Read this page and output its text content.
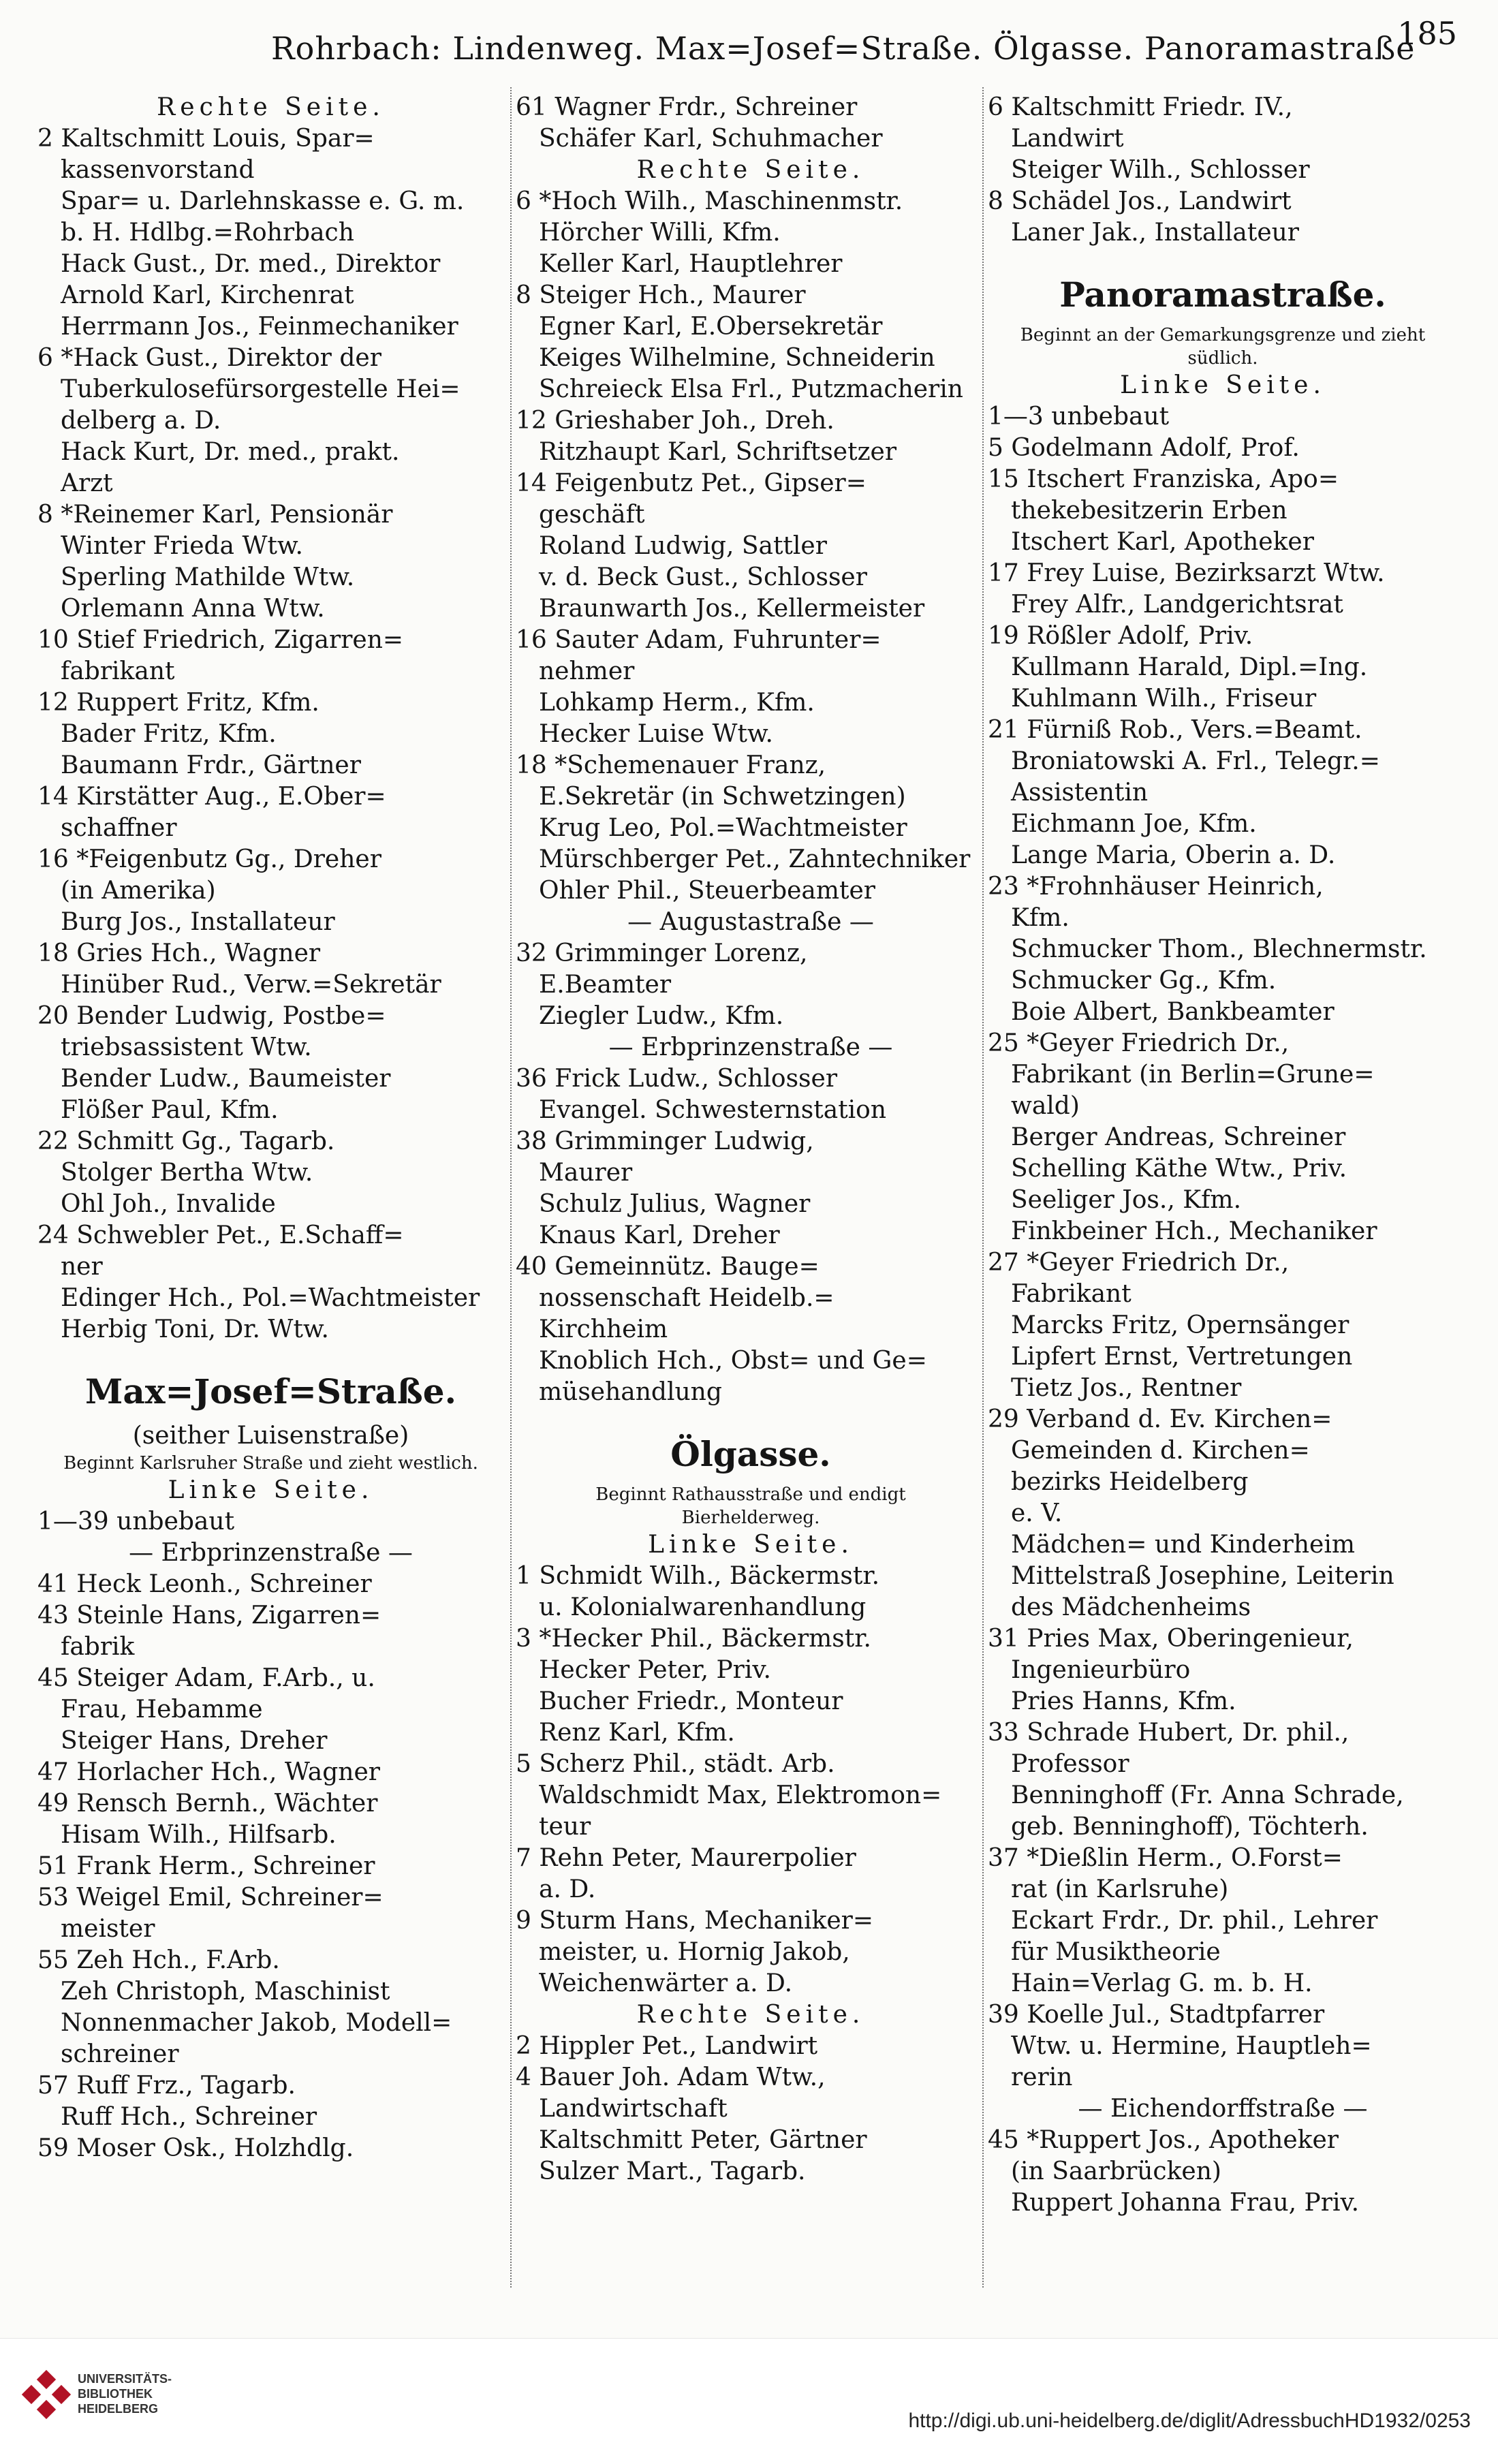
Rohrbach: Lindenweg. Max=Josef=Straße. Ölgasse. Panoramastraße
185
Rechte Seite.
2 Kaltschmitt Louis, Spar=
kassenvorstand
Spar= u. Darlehnskasse e. G. m.
b. H. Hdlbg.=Rohrbach
Hack Gust., Dr. med., Direktor
Arnold Karl, Kirchenrat
Herrmann Jos., Feinmechaniker
6 *Hack Gust., Direktor der
Tuberkulosefürsorgestelle Hei=
delberg a. D.
Hack Kurt, Dr. med., prakt.
Arzt
8 *Reinemer Karl, Pensionär
Winter Frieda Wtw.
Sperling Mathilde Wtw.
Orlemann Anna Wtw.
10 Stief Friedrich, Zigarren=
fabrikant
12 Ruppert Fritz, Kfm.
Bader Fritz, Kfm.
Baumann Frdr., Gärtner
14 Kirstätter Aug., E.Ober=
schaffner
16 *Feigenbutz Gg., Dreher
(in Amerika)
Burg Jos., Installateur
18 Gries Hch., Wagner
Hinüber Rud., Verw.=Sekretär
20 Bender Ludwig, Postbe=
triebsassistent Wtw.
Bender Ludw., Baumeister
Flößer Paul, Kfm.
22 Schmitt Gg., Tagarb.
Stolger Bertha Wtw.
Ohl Joh., Invalide
24 Schwebler Pet., E.Schaff=
ner
Edinger Hch., Pol.=Wachtmeister
Herbig Toni, Dr. Wtw.
Max=Josef=Straße.
(seither Luisenstraße)
Beginnt Karlsruher Straße und zieht westlich.
Linke Seite.
1—39 unbebaut
— Erbprinzenstraße —
41 Heck Leonh., Schreiner
43 Steinle Hans, Zigarren=
fabrik
45 Steiger Adam, F.Arb., u.
Frau, Hebamme
Steiger Hans, Dreher
47 Horlacher Hch., Wagner
49 Rensch Bernh., Wächter
Hisam Wilh., Hilfsarb.
51 Frank Herm., Schreiner
53 Weigel Emil, Schreiner=
meister
55 Zeh Hch., F.Arb.
Zeh Christoph, Maschinist
Nonnenmacher Jakob, Modell=
schreiner
57 Ruff Frz., Tagarb.
Ruff Hch., Schreiner
59 Moser Osk., Holzhdlg.
61 Wagner Frdr., Schreiner
Schäfer Karl, Schuhmacher
Rechte Seite.
6 *Hoch Wilh., Maschinenmstr.
Hörcher Willi, Kfm.
Keller Karl, Hauptlehrer
8 Steiger Hch., Maurer
Egner Karl, E.Obersekretär
Keiges Wilhelmine, Schneiderin
Schreieck Elsa Frl., Putzmacherin
12 Grieshaber Joh., Dreh.
Ritzhaupt Karl, Schriftsetzer
14 Feigenbutz Pet., Gipser=
geschäft
Roland Ludwig, Sattler
v. d. Beck Gust., Schlosser
Braunwarth Jos., Kellermeister
16 Sauter Adam, Fuhrunter=
nehmer
Lohkamp Herm., Kfm.
Hecker Luise Wtw.
18 *Schemenauer Franz,
E.Sekretär (in Schwetzingen)
Krug Leo, Pol.=Wachtmeister
Mürschberger Pet., Zahntechniker
Ohler Phil., Steuerbeamter
— Augustastraße —
32 Grimminger Lorenz,
E.Beamter
Ziegler Ludw., Kfm.
— Erbprinzenstraße —
36 Frick Ludw., Schlosser
Evangel. Schwesternstation
38 Grimminger Ludwig,
Maurer
Schulz Julius, Wagner
Knaus Karl, Dreher
40 Gemeinnütz. Bauge=
nossenschaft Heidelb.=
Kirchheim
Knoblich Hch., Obst= und Ge=
müsehandlung
Ölgasse.
Beginnt Rathausstraße und endigt Bierhelderweg.
Linke Seite.
1 Schmidt Wilh., Bäckermstr.
u. Kolonialwarenhandlung
3 *Hecker Phil., Bäckermstr.
Hecker Peter, Priv.
Bucher Friedr., Monteur
Renz Karl, Kfm.
5 Scherz Phil., städt. Arb.
Waldschmidt Max, Elektromon=
teur
7 Rehn Peter, Maurerpolier
a. D.
9 Sturm Hans, Mechaniker=
meister, u. Hornig Jakob,
Weichenwärter a. D.
Rechte Seite.
2 Hippler Pet., Landwirt
4 Bauer Joh. Adam Wtw.,
Landwirtschaft
Kaltschmitt Peter, Gärtner
Sulzer Mart., Tagarb.
6 Kaltschmitt Friedr. IV.,
Landwirt
Steiger Wilh., Schlosser
8 Schädel Jos., Landwirt
Laner Jak., Installateur
Panoramastraße.
Beginnt an der Gemarkungsgrenze und zieht südlich.
Linke Seite.
1—3 unbebaut
5 Godelmann Adolf, Prof.
15 Itschert Franziska, Apo=
thekebesitzerin Erben
Itschert Karl, Apotheker
17 Frey Luise, Bezirksarzt Wtw.
Frey Alfr., Landgerichtsrat
19 Rößler Adolf, Priv.
Kullmann Harald, Dipl.=Ing.
Kuhlmann Wilh., Friseur
21 Fürniß Rob., Vers.=Beamt.
Broniatowski A. Frl., Telegr.=
Assistentin
Eichmann Joe, Kfm.
Lange Maria, Oberin a. D.
23 *Frohnhäuser Heinrich,
Kfm.
Schmucker Thom., Blechnermstr.
Schmucker Gg., Kfm.
Boie Albert, Bankbeamter
25 *Geyer Friedrich Dr.,
Fabrikant (in Berlin=Grune=
wald)
Berger Andreas, Schreiner
Schelling Käthe Wtw., Priv.
Seeliger Jos., Kfm.
Finkbeiner Hch., Mechaniker
27 *Geyer Friedrich Dr.,
Fabrikant
Marcks Fritz, Opernsänger
Lipfert Ernst, Vertretungen
Tietz Jos., Rentner
29 Verband d. Ev. Kirchen=
Gemeinden d. Kirchen=
bezirks Heidelberg
e. V.
Mädchen= und Kinderheim
Mittelstraß Josephine, Leiterin
des Mädchenheims
31 Pries Max, Oberingenieur,
Ingenieurbüro
Pries Hanns, Kfm.
33 Schrade Hubert, Dr. phil.,
Professor
Benninghoff (Fr. Anna Schrade,
geb. Benninghoff), Töchterh.
37 *Dießlin Herm., O.Forst=
rat (in Karlsruhe)
Eckart Frdr., Dr. phil., Lehrer
für Musiktheorie
Hain=Verlag G. m. b. H.
39 Koelle Jul., Stadtpfarrer
Wtw. u. Hermine, Hauptleh=
rerin
— Eichendorffstraße —
45 *Ruppert Jos., Apotheker
(in Saarbrücken)
Ruppert Johanna Frau, Priv.
UNIVERSITÄTS-
BIBLIOTHEK
HEIDELBERG
http://digi.ub.uni-heidelberg.de/diglit/AdressbuchHD1932/0253
